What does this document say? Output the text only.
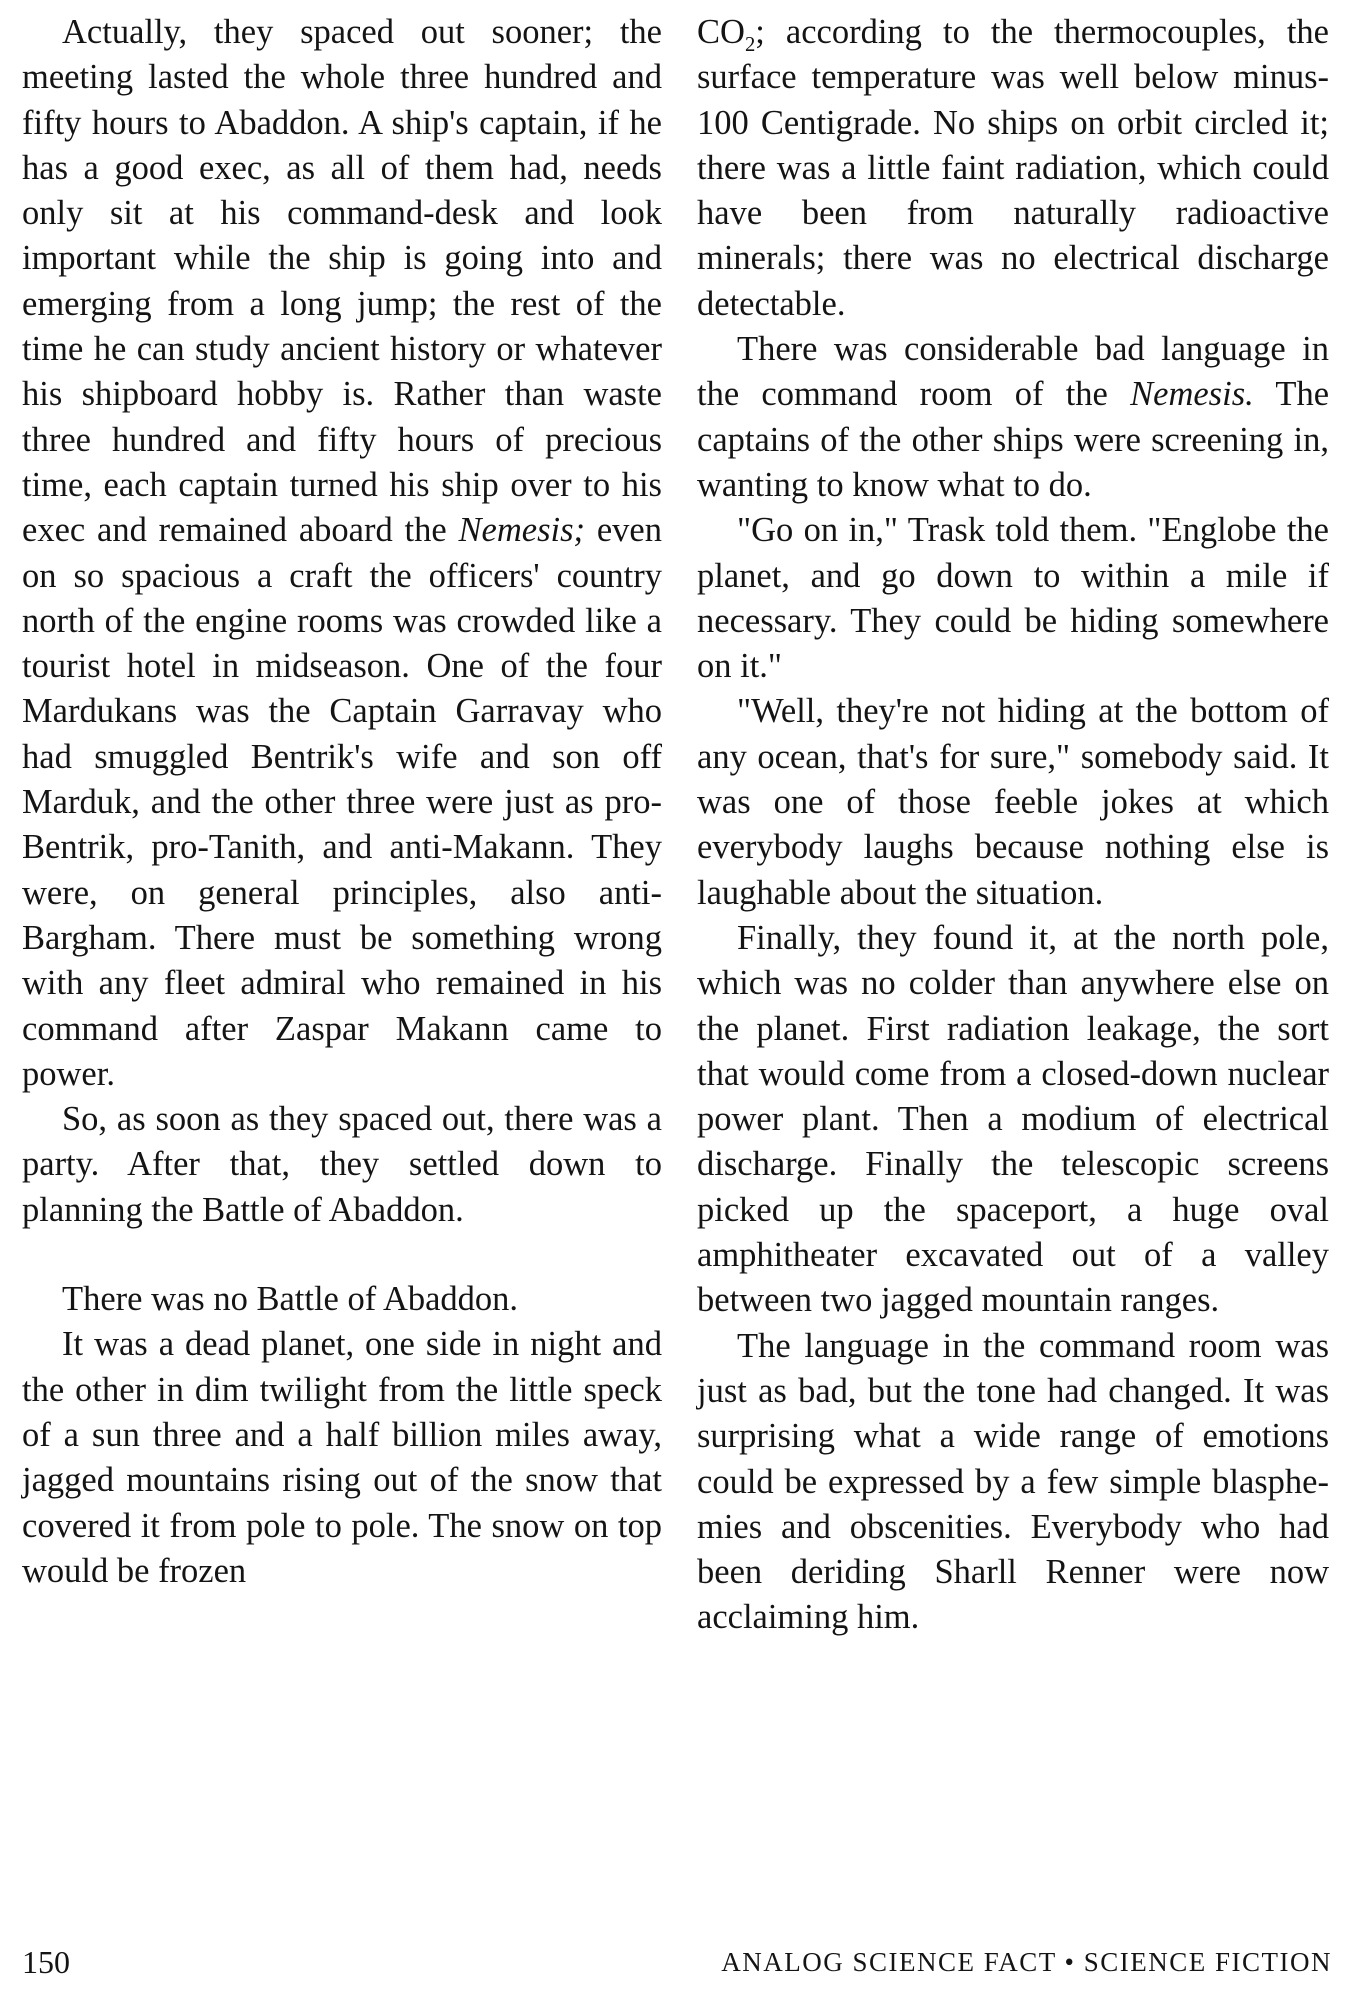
Actually, they spaced out sooner; the meeting lasted the whole three hundred and fifty hours to Abaddon. A ship's captain, if he has a good exec, as all of them had, needs only sit at his command-desk and look important while the ship is going into and emerging from a long jump; the rest of the time he can study ancient history or whatever his shipboard hobby is. Rather than waste three hundred and fifty hours of precious time, each captain turned his ship over to his exec and remained aboard the Nemesis; even on so spacious a craft the officers' country north of the engine rooms was crowded like a tourist hotel in midseason. One of the four Mardukans was the Captain Garravay who had smuggled Bentrik's wife and son off Marduk, and the other three were just as pro-Bentrik, pro-Tanith, and anti-Makann. They were, on general principles, also anti-Bargham. There must be something wrong with any fleet admiral who remained in his command after Zaspar Makann came to power.

So, as soon as they spaced out, there was a party. After that, they settled down to planning the Battle of Abaddon.

There was no Battle of Abaddon.

It was a dead planet, one side in night and the other in dim twilight from the little speck of a sun three and a half billion miles away, jagged mountains rising out of the snow that covered it from pole to pole. The snow on top would be frozen

$CO_2$; according to the thermocouples, the surface temperature was well below minus-100 Centigrade. No ships on orbit circled it; there was a little faint radiation, which could have been from naturally radioactive minerals; there was no electrical discharge detectable.

There was considerable bad language in the command room of the Nemesis. The captains of the other ships were screening in, wanting to know what to do.

"Go on in," Trask told them. "Englobe the planet, and go down to within a mile if necessary. They could be hiding somewhere on it."

"Well, they're not hiding at the bottom of any ocean, that's for sure," somebody said. It was one of those feeble jokes at which everybody laughs because nothing else is laughable about the situation.

Finally, they found it, at the north pole, which was no colder than anywhere else on the planet. First radiation leakage, the sort that would come from a closed-down nuclear power plant. Then a modium of electrical discharge. Finally the telescopic screens picked up the spaceport, a huge oval amphitheater excavated out of a valley between two jagged mountain ranges.

The language in the command room was just as bad, but the tone had changed. It was surprising what a wide range of emotions could be expressed by a few simple blasphemies and obscenities. Everybody who had been deriding Sharll Renner were now acclaiming him.

150	ANALOG SCIENCE FACT • SCIENCE FICTION
